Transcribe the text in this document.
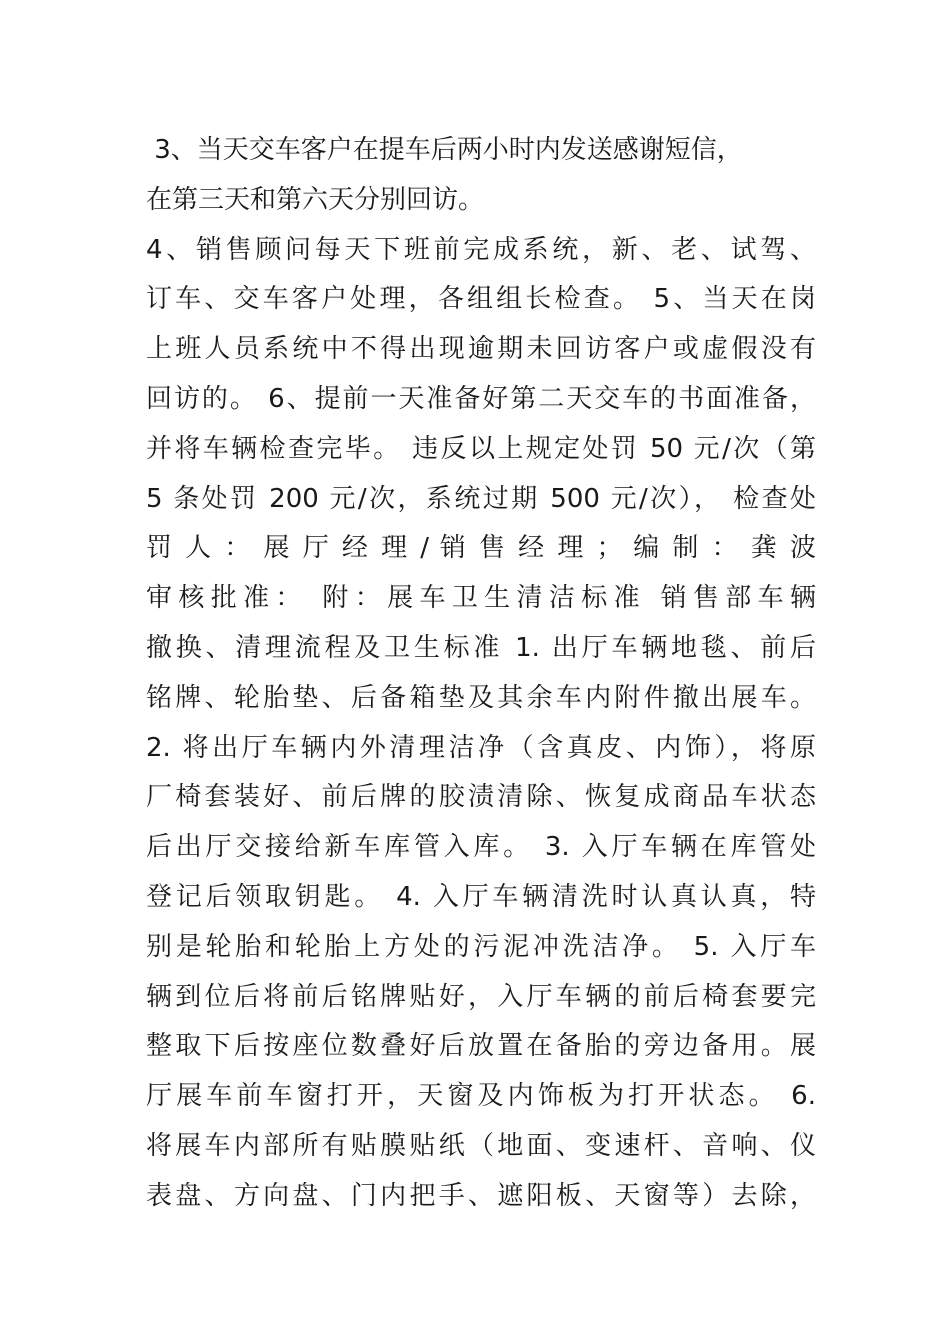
3、当天交车客户在提车后两小时内发送感谢短信，
在第三天和第六天分别回访。
4、销售顾问每天下班前完成系统，新、老、试驾、
订车、交车客户处理，各组组长检查。 5、当天在岗
上班人员系统中不得出现逾期未回访客户或虚假没有
回访的。 6、提前一天准备好第二天交车的书面准备，
并将车辆检查完毕。 违反以上规定处罚 50 元/次（第
5 条处罚 200 元/次，系统过期 500 元/次）， 检查处
罚 人 ： 展 厅 经 理 / 销 售 经 理 ； 编 制 ： 龚 波
审核批准： 附：展车卫生清洁标准 销售部车辆
撤换、清理流程及卫生标准 1. 出厅车辆地毯、前后
铭牌、轮胎垫、后备箱垫及其余车内附件撤出展车。
2. 将出厅车辆内外清理洁净（含真皮、内饰），将原
厂椅套装好、前后牌的胶渍清除、恢复成商品车状态
后出厅交接给新车库管入库。 3. 入厅车辆在库管处
登记后领取钥匙。 4. 入厅车辆清洗时认真认真，特
别是轮胎和轮胎上方处的污泥冲洗洁净。 5. 入厅车
辆到位后将前后铭牌贴好，入厅车辆的前后椅套要完
整取下后按座位数叠好后放置在备胎的旁边备用。展
厅展车前车窗打开，天窗及内饰板为打开状态。 6.
将展车内部所有贴膜贴纸（地面、变速杆、音响、仪
表盘、方向盘、门内把手、遮阳板、天窗等）去除，
